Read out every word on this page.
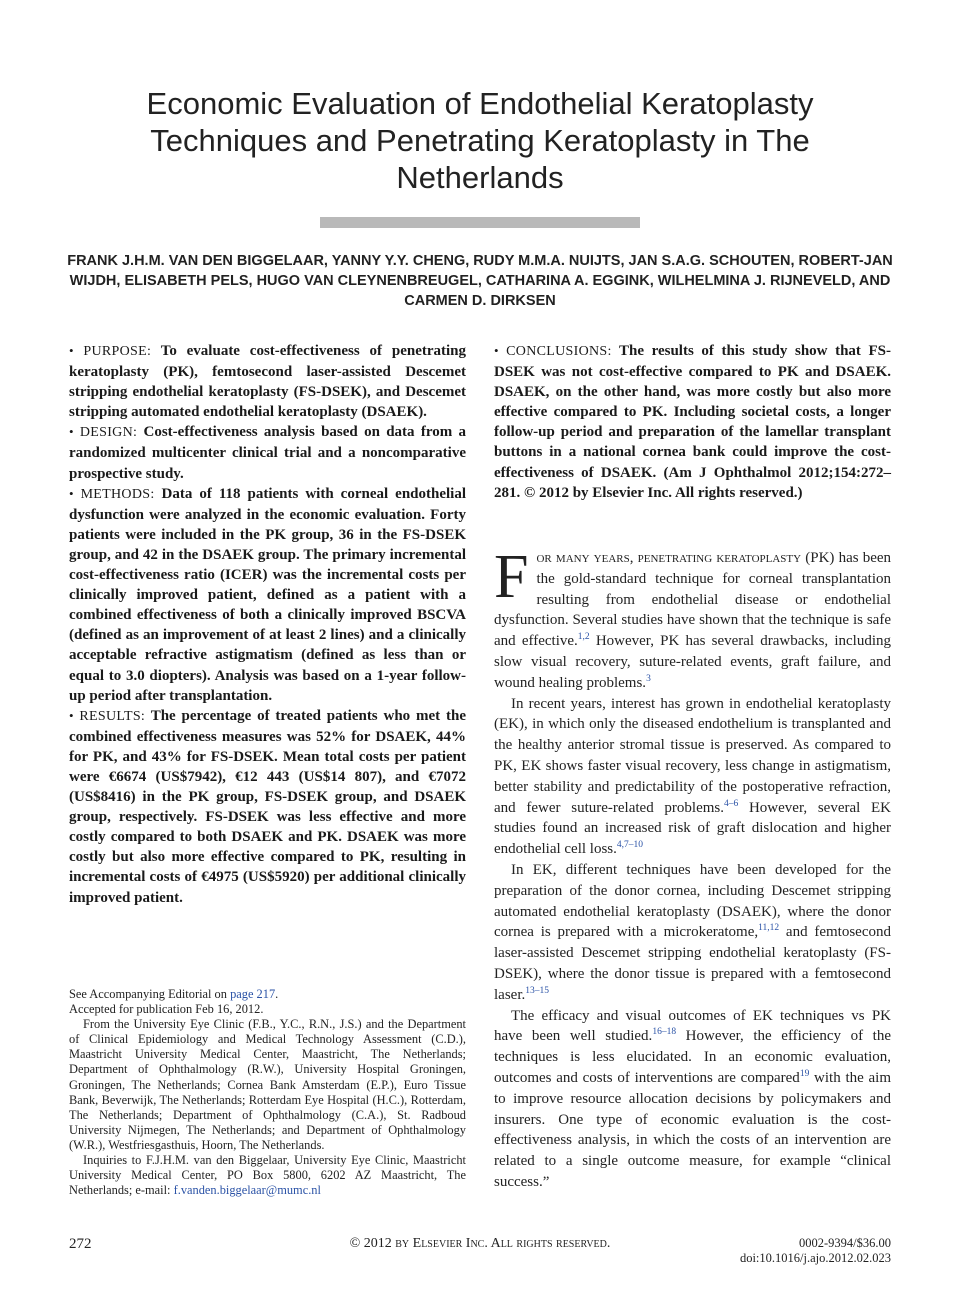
Economic Evaluation of Endothelial Keratoplasty Techniques and Penetrating Keratoplasty in The Netherlands
FRANK J.H.M. VAN DEN BIGGELAAR, YANNY Y.Y. CHENG, RUDY M.M.A. NUIJTS, JAN S.A.G. SCHOUTEN, ROBERT-JAN WIJDH, ELISABETH PELS, HUGO VAN CLEYNENBREUGEL, CATHARINA A. EGGINK, WILHELMINA J. RIJNEVELD, AND CARMEN D. DIRKSEN

• PURPOSE: To evaluate cost-effectiveness of penetrating keratoplasty (PK), femtosecond laser-assisted Descemet stripping endothelial keratoplasty (FS-DSEK), and Descemet stripping automated endothelial keratoplasty (DSAEK).

• DESIGN: Cost-effectiveness analysis based on data from a randomized multicenter clinical trial and a noncomparative prospective study.

• METHODS: Data of 118 patients with corneal endothelial dysfunction were analyzed in the economic evaluation. Forty patients were included in the PK group, 36 in the FS-DSEK group, and 42 in the DSAEK group. The primary incremental cost-effectiveness ratio (ICER) was the incremental costs per clinically improved patient, defined as a patient with a combined effectiveness of both a clinically improved BSCVA (defined as an improvement of at least 2 lines) and a clinically acceptable refractive astigmatism (defined as less than or equal to 3.0 diopters). Analysis was based on a 1-year follow-up period after transplantation.

• RESULTS: The percentage of treated patients who met the combined effectiveness measures was 52% for DSAEK, 44% for PK, and 43% for FS-DSEK. Mean total costs per patient were €6674 (US$7942), €12 443 (US$14 807), and €7072 (US$8416) in the PK group, FS-DSEK group, and DSAEK group, respectively. FS-DSEK was less effective and more costly compared to both DSAEK and PK. DSAEK was more costly but also more effective compared to PK, resulting in incremental costs of €4975 (US$5920) per additional clinically improved patient.

• CONCLUSIONS: The results of this study show that FS-DSEK was not cost-effective compared to PK and DSAEK. DSAEK, on the other hand, was more costly but also more effective compared to PK. Including societal costs, a longer follow-up period and preparation of the lamellar transplant buttons in a national cornea bank could improve the cost-effectiveness of DSAEK. (Am J Ophthalmol 2012;154:272–281. © 2012 by Elsevier Inc. All rights reserved.)

See Accompanying Editorial on page 217.

Accepted for publication Feb 16, 2012.

From the University Eye Clinic (F.B., Y.C., R.N., J.S.) and the Department of Clinical Epidemiology and Medical Technology Assessment (C.D.), Maastricht University Medical Center, Maastricht, The Netherlands; Department of Ophthalmology (R.W.), University Hospital Groningen, Groningen, The Netherlands; Cornea Bank Amsterdam (E.P.), Euro Tissue Bank, Beverwijk, The Netherlands; Rotterdam Eye Hospital (H.C.), Rotterdam, The Netherlands; Department of Ophthalmology (C.A.), St. Radboud University Nijmegen, The Netherlands; and Department of Ophthalmology (W.R.), Westfriesgasthuis, Hoorn, The Netherlands.

Inquiries to F.J.H.M. van den Biggelaar, University Eye Clinic, Maastricht University Medical Center, PO Box 5800, 6202 AZ Maastricht, The Netherlands; e-mail: f.vanden.biggelaar@mumc.nl

For many years, penetrating keratoplasty (PK) has been the gold-standard technique for corneal transplantation resulting from endothelial disease or endothelial dysfunction. Several studies have shown that the technique is safe and effective.$^{1,2}$ However, PK has several drawbacks, including slow visual recovery, suture-related events, graft failure, and wound healing problems.$^3$

In recent years, interest has grown in endothelial keratoplasty (EK), in which only the diseased endothelium is transplanted and the healthy anterior stromal tissue is preserved. As compared to PK, EK shows faster visual recovery, less change in astigmatism, better stability and predictability of the postoperative refraction, and fewer suture-related problems.$^{4-6}$ However, several EK studies found an increased risk of graft dislocation and higher endothelial cell loss.$^{4,7-10}$

In EK, different techniques have been developed for the preparation of the donor cornea, including Descemet stripping automated endothelial keratoplasty (DSAEK), where the donor cornea is prepared with a microkeratome,$^{11,12}$ and femtosecond laser-assisted Descemet stripping endothelial keratoplasty (FS-DSEK), where the donor tissue is prepared with a femtosecond laser.$^{13-15}$

The efficacy and visual outcomes of EK techniques vs PK have been well studied.$^{16-18}$ However, the efficiency of the techniques is less elucidated. In an economic evaluation, outcomes and costs of interventions are compared$^{19}$ with the aim to improve resource allocation decisions by policymakers and insurers. One type of economic evaluation is the cost-effectiveness analysis, in which the costs of an intervention are related to a single outcome measure, for example “clinical success.”

272	© 2012 by Elsevier Inc. All rights reserved.	0002-9394/$36.00
doi:10.1016/j.ajo.2012.02.023
